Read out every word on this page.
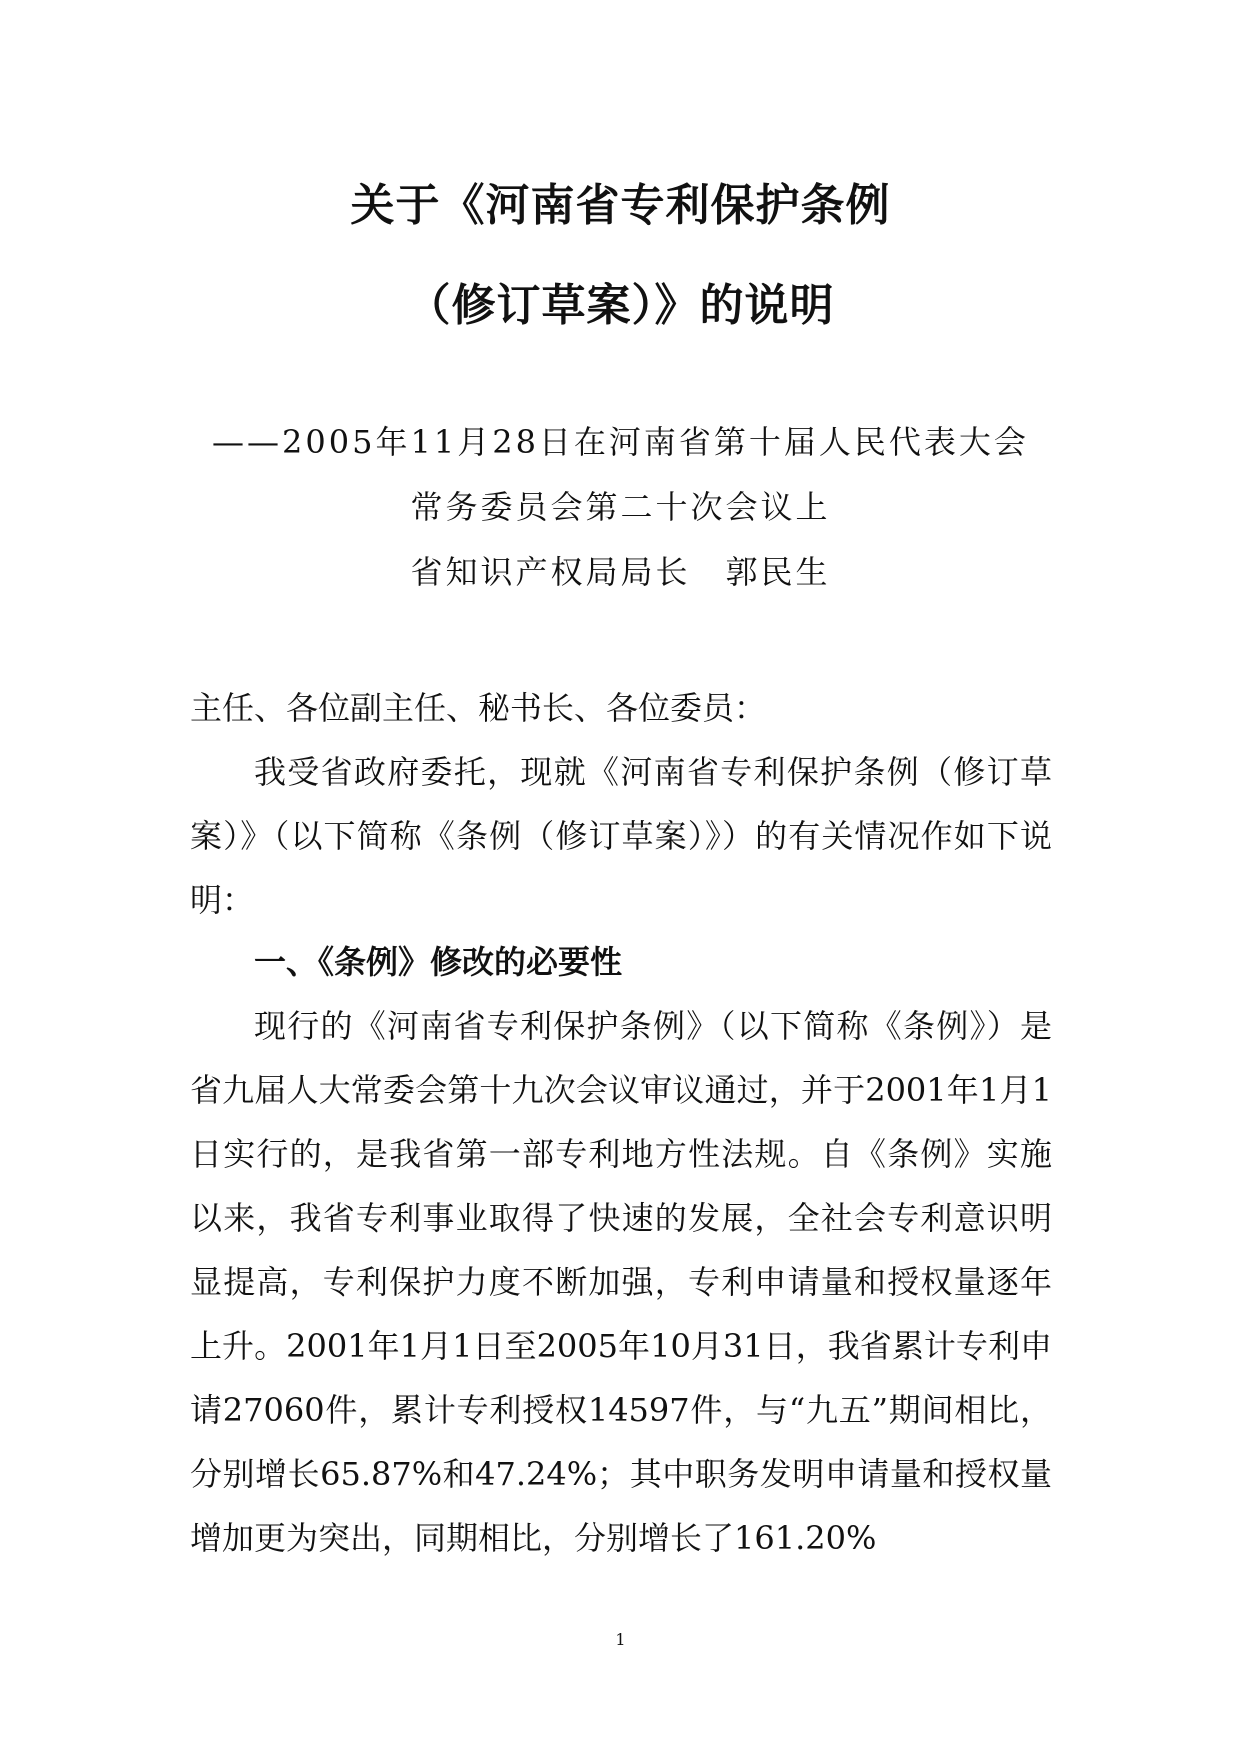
关于《河南省专利保护条例
（修订草案）》的说明

——2005年11月28日在河南省第十届人民代表大会

常务委员会第二十次会议上

省知识产权局局长　郭民生

主任、各位副主任、秘书长、各位委员：

我受省政府委托，现就《河南省专利保护条例（修订草案）》（以下简称《条例（修订草案）》）的有关情况作如下说明：

一、《条例》修改的必要性

现行的《河南省专利保护条例》（以下简称《条例》）是省九届人大常委会第十九次会议审议通过，并于2001年1月1日实行的，是我省第一部专利地方性法规。自《条例》实施以来，我省专利事业取得了快速的发展，全社会专利意识明显提高，专利保护力度不断加强，专利申请量和授权量逐年上升。2001年1月1日至2005年10月31日，我省累计专利申请27060件，累计专利授权14597件，与“九五”期间相比，分别增长65.87%和47.24%；其中职务发明申请量和授权量增加更为突出，同期相比，分别增长了161.20%

1
